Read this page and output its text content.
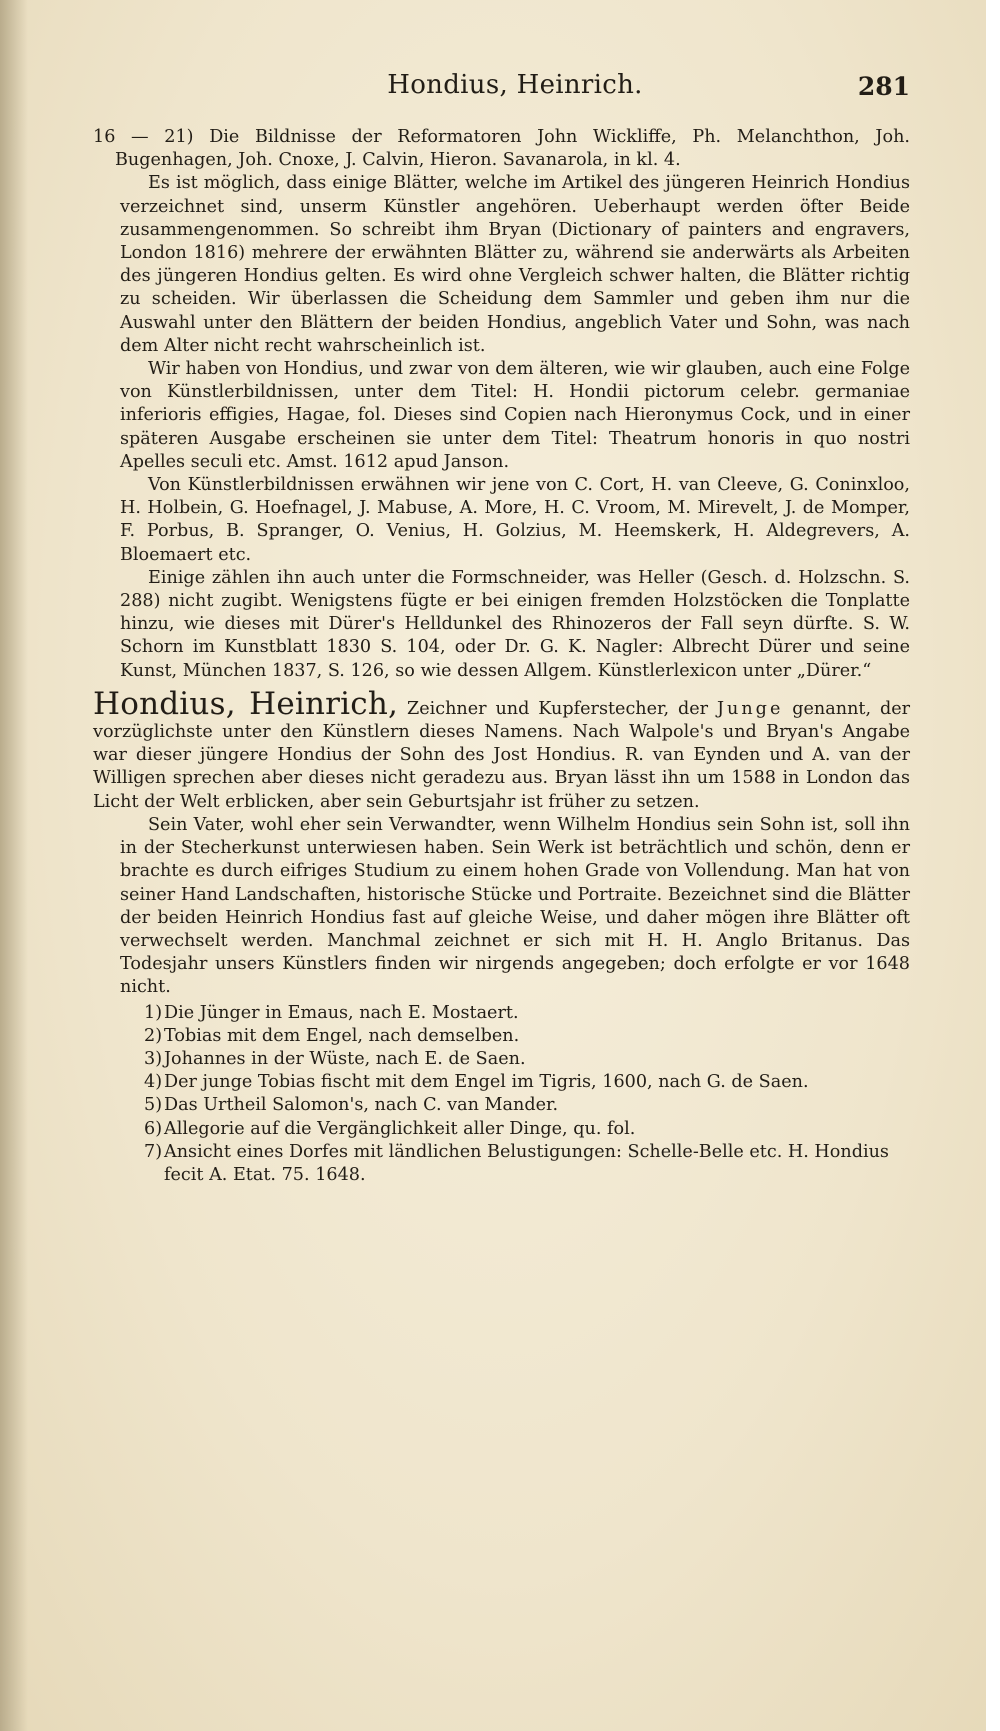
Hondius, Heinrich.	281

16 — 21) Die Bildnisse der Reformatoren John Wickliffe, Ph. Melanchthon, Joh. Bugenhagen, Joh. Cnoxe, J. Calvin, Hieron. Savanarola, in kl. 4.

Es ist möglich, dass einige Blätter, welche im Artikel des jüngeren Heinrich Hondius verzeichnet sind, unserm Künstler angehören. Ueberhaupt werden öfter Beide zusammengenommen. So schreibt ihm Bryan (Dictionary of painters and engravers, London 1816) mehrere der erwähnten Blätter zu, während sie anderwärts als Arbeiten des jüngeren Hondius gelten. Es wird ohne Vergleich schwer halten, die Blätter richtig zu scheiden. Wir überlassen die Scheidung dem Sammler und geben ihm nur die Auswahl unter den Blättern der beiden Hondius, angeblich Vater und Sohn, was nach dem Alter nicht recht wahrscheinlich ist.

Wir haben von Hondius, und zwar von dem älteren, wie wir glauben, auch eine Folge von Künstlerbildnissen, unter dem Titel: H. Hondii pictorum celebr. germaniae inferioris effigies, Hagae, fol. Dieses sind Copien nach Hieronymus Cock, und in einer späteren Ausgabe erscheinen sie unter dem Titel: Theatrum honoris in quo nostri Apelles seculi etc. Amst. 1612 apud Janson.

Von Künstlerbildnissen erwähnen wir jene von C. Cort, H. van Cleeve, G. Coninxloo, H. Holbein, G. Hoefnagel, J. Mabuse, A. More, H. C. Vroom, M. Mirevelt, J. de Momper, F. Porbus, B. Spranger, O. Venius, H. Golzius, M. Heemskerk, H. Aldegrevers, A. Bloemaert etc.

Einige zählen ihn auch unter die Formschneider, was Heller (Gesch. d. Holzschn. S. 288) nicht zugibt. Wenigstens fügte er bei einigen fremden Holzstöcken die Tonplatte hinzu, wie dieses mit Dürer's Helldunkel des Rhinozeros der Fall seyn dürfte. S. W. Schorn im Kunstblatt 1830 S. 104, oder Dr. G. K. Nagler: Albrecht Dürer und seine Kunst, München 1837, S. 126, so wie dessen Allgem. Künstlerlexicon unter „Dürer.“

Hondius, Heinrich, Zeichner und Kupferstecher, der Junge genannt, der vorzüglichste unter den Künstlern dieses Namens. Nach Walpole's und Bryan's Angabe war dieser jüngere Hondius der Sohn des Jost Hondius. R. van Eynden und A. van der Willigen sprechen aber dieses nicht geradezu aus. Bryan lässt ihn um 1588 in London das Licht der Welt erblicken, aber sein Geburtsjahr ist früher zu setzen.

Sein Vater, wohl eher sein Verwandter, wenn Wilhelm Hondius sein Sohn ist, soll ihn in der Stecherkunst unterwiesen haben. Sein Werk ist beträchtlich und schön, denn er brachte es durch eifriges Studium zu einem hohen Grade von Vollendung. Man hat von seiner Hand Landschaften, historische Stücke und Portraite. Bezeichnet sind die Blätter der beiden Heinrich Hondius fast auf gleiche Weise, und daher mögen ihre Blätter oft verwechselt werden. Manchmal zeichnet er sich mit H. H. Anglo Britanus. Das Todesjahr unsers Künstlers finden wir nirgends angegeben; doch erfolgte er vor 1648 nicht.

1) Die Jünger in Emaus, nach E. Mostaert.
2) Tobias mit dem Engel, nach demselben.
3) Johannes in der Wüste, nach E. de Saen.
4) Der junge Tobias fischt mit dem Engel im Tigris, 1600, nach G. de Saen.
5) Das Urtheil Salomon's, nach C. van Mander.
6) Allegorie auf die Vergänglichkeit aller Dinge, qu. fol.
7) Ansicht eines Dorfes mit ländlichen Belustigungen: Schelle-Belle etc. H. Hondius fecit A. Etat. 75. 1648.
